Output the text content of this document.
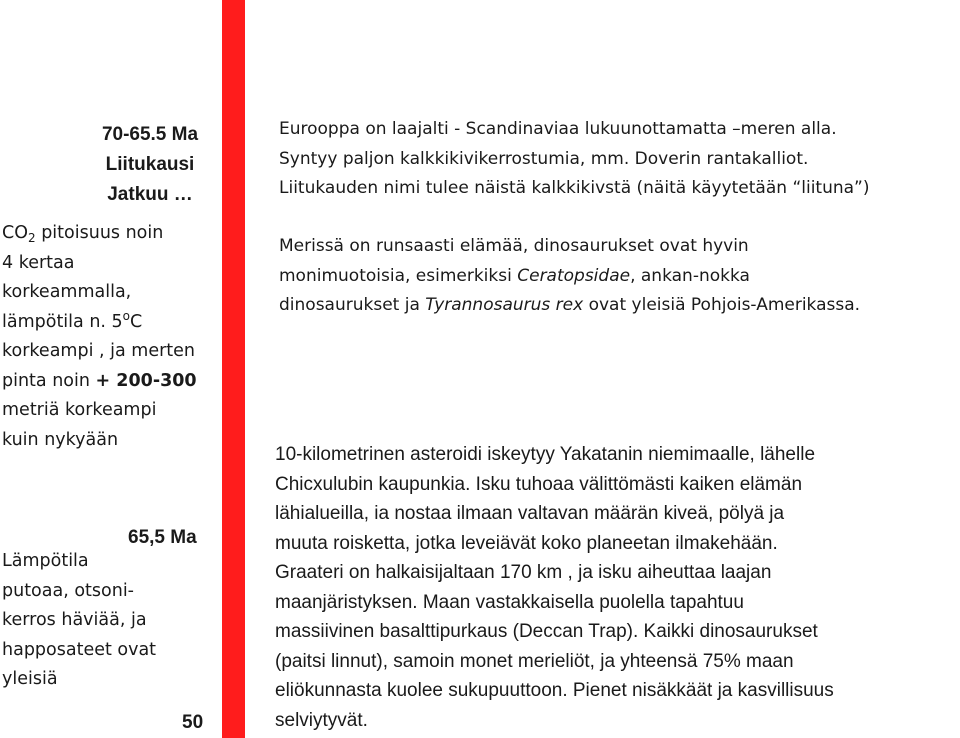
70-65.5 Ma
Liitukausi
Jatkuu …
$CO_2$ pitoisuus noin
4 kertaa
korkeammalla,
lämpötila n. 5$^o$C
korkeampi , ja merten
pinta noin + 200-300
metriä korkeampi
kuin nykyään
65,5 Ma
Lämpötila
putoaa, otsoni-
kerros häviää, ja
happosateet ovat
yleisiä
50
Eurooppa on laajalti - Scandinaviaa lukuunottamatta –meren alla.
Syntyy paljon kalkkikivikerrostumia, mm. Doverin rantakalliot.
Liitukauden nimi tulee näistä kalkkikivstä (näitä käyytetään “liituna”)
Merissä on runsaasti elämää, dinosaurukset ovat hyvin
monimuotoisia, esimerkiksi Ceratopsidae, ankan-nokka
dinosaurukset ja Tyrannosaurus rex ovat yleisiä Pohjois-Amerikassa.
10-kilometrinen asteroidi iskeytyy Yakatanin niemimaalle, lähelle
Chicxulubin kaupunkia. Isku tuhoaa välittömästi kaiken elämän
lähialueilla, ia nostaa ilmaan valtavan määrän kiveä, pölyä ja
muuta roisketta, jotka leveiävät koko planeetan ilmakehään.
Graateri on halkaisijaltaan 170 km , ja isku aiheuttaa laajan
maanjäristyksen. Maan vastakkaisella puolella tapahtuu
massiivinen basalttipurkaus (Deccan Trap). Kaikki dinosaurukset
(paitsi linnut), samoin monet merieliöt, ja yhteensä 75% maan
eliökunnasta kuolee sukupuuttoon. Pienet nisäkkäät ja kasvillisuus
selviytyvät.
